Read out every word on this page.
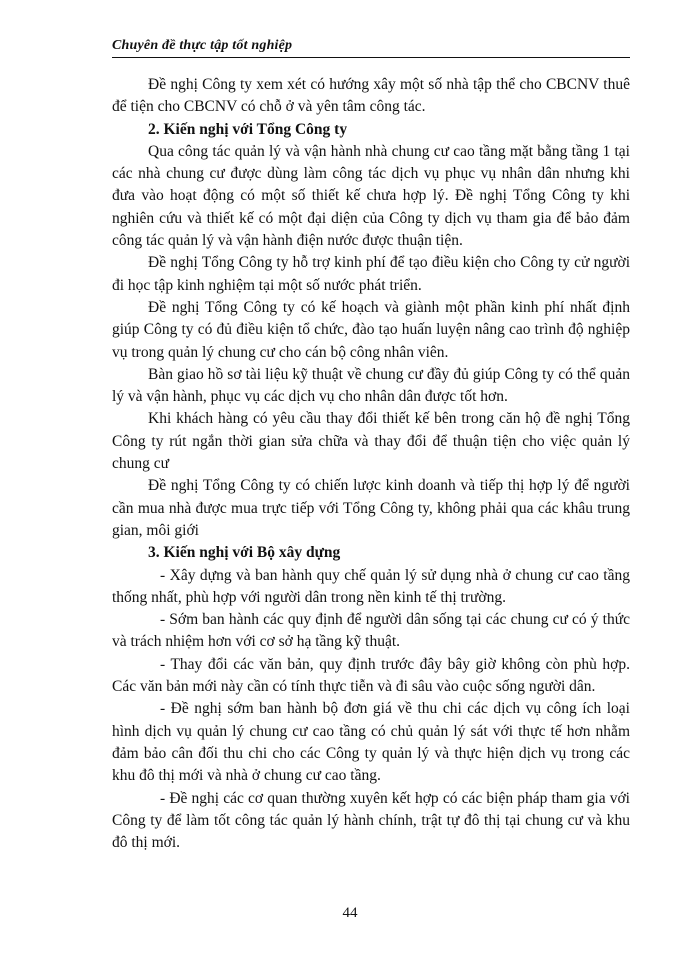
Chuyên đề thực tập tốt nghiệp

Đề nghị Công ty xem xét có hướng xây một số nhà tập thể cho CBCNV thuê để tiện cho CBCNV có chỗ ở và yên tâm công tác.

2. Kiến nghị với Tổng Công ty

Qua công tác quản lý và vận hành nhà chung cư cao tầng mặt bằng tầng 1 tại các nhà chung cư được dùng làm công tác dịch vụ phục vụ nhân dân nhưng khi đưa vào hoạt động có một số thiết kế chưa hợp lý. Đề nghị Tổng Công ty khi nghiên cứu và thiết kế có một đại diện của Công ty dịch vụ tham gia để bảo đảm công tác quản lý và vận hành điện nước được thuận tiện.

Đề nghị Tổng Công ty hỗ trợ kinh phí để tạo điều kiện cho Công ty cử người đi học tập kinh nghiệm tại một số nước phát triển.

Đề nghị Tổng Công ty có kế hoạch và giành một phần kinh phí nhất định giúp Công ty có đủ điều kiện tổ chức, đào tạo huấn luyện nâng cao trình độ nghiệp vụ trong quản lý chung cư cho cán bộ công nhân viên.

Bàn giao hồ sơ tài liệu kỹ thuật về chung cư đầy đủ giúp Công ty có thể quản lý và vận hành, phục vụ các dịch vụ cho nhân dân được tốt hơn.

Khi khách hàng có yêu cầu thay đổi thiết kế bên trong căn hộ đề nghị Tổng Công ty rút ngắn thời gian sửa chữa và thay đổi để thuận tiện cho việc quản lý chung cư

Đề nghị Tổng Công ty có chiến lược kinh doanh và tiếp thị hợp lý để người cần mua nhà được mua trực tiếp với Tổng Công ty, không phải qua các khâu trung gian, môi giới

3. Kiến nghị với Bộ xây dựng

- Xây dựng và ban hành quy chế quản lý sử dụng nhà ở chung cư cao tầng thống nhất, phù hợp với người dân trong nền kinh tế thị trường.

- Sớm ban hành các quy định để người dân sống tại các chung cư có ý thức và trách nhiệm hơn với cơ sở hạ tầng kỹ thuật.

- Thay đổi các văn bản, quy định trước đây bây giờ không còn phù hợp. Các văn bản mới này cần có tính thực tiễn và đi sâu vào cuộc sống người dân.

- Đề nghị sớm ban hành bộ đơn giá về thu chi các dịch vụ công ích loại hình dịch vụ quản lý chung cư cao tầng có chủ quản lý sát với thực tế hơn nhằm đảm bảo cân đối thu chi cho các Công ty quản lý và thực hiện dịch vụ trong các khu đô thị mới và nhà ở chung cư cao tầng.

- Đề nghị các cơ quan thường xuyên kết hợp có các biện pháp tham gia với Công ty để làm tốt công tác quản lý hành chính, trật tự đô thị tại chung cư và khu đô thị mới.

44
